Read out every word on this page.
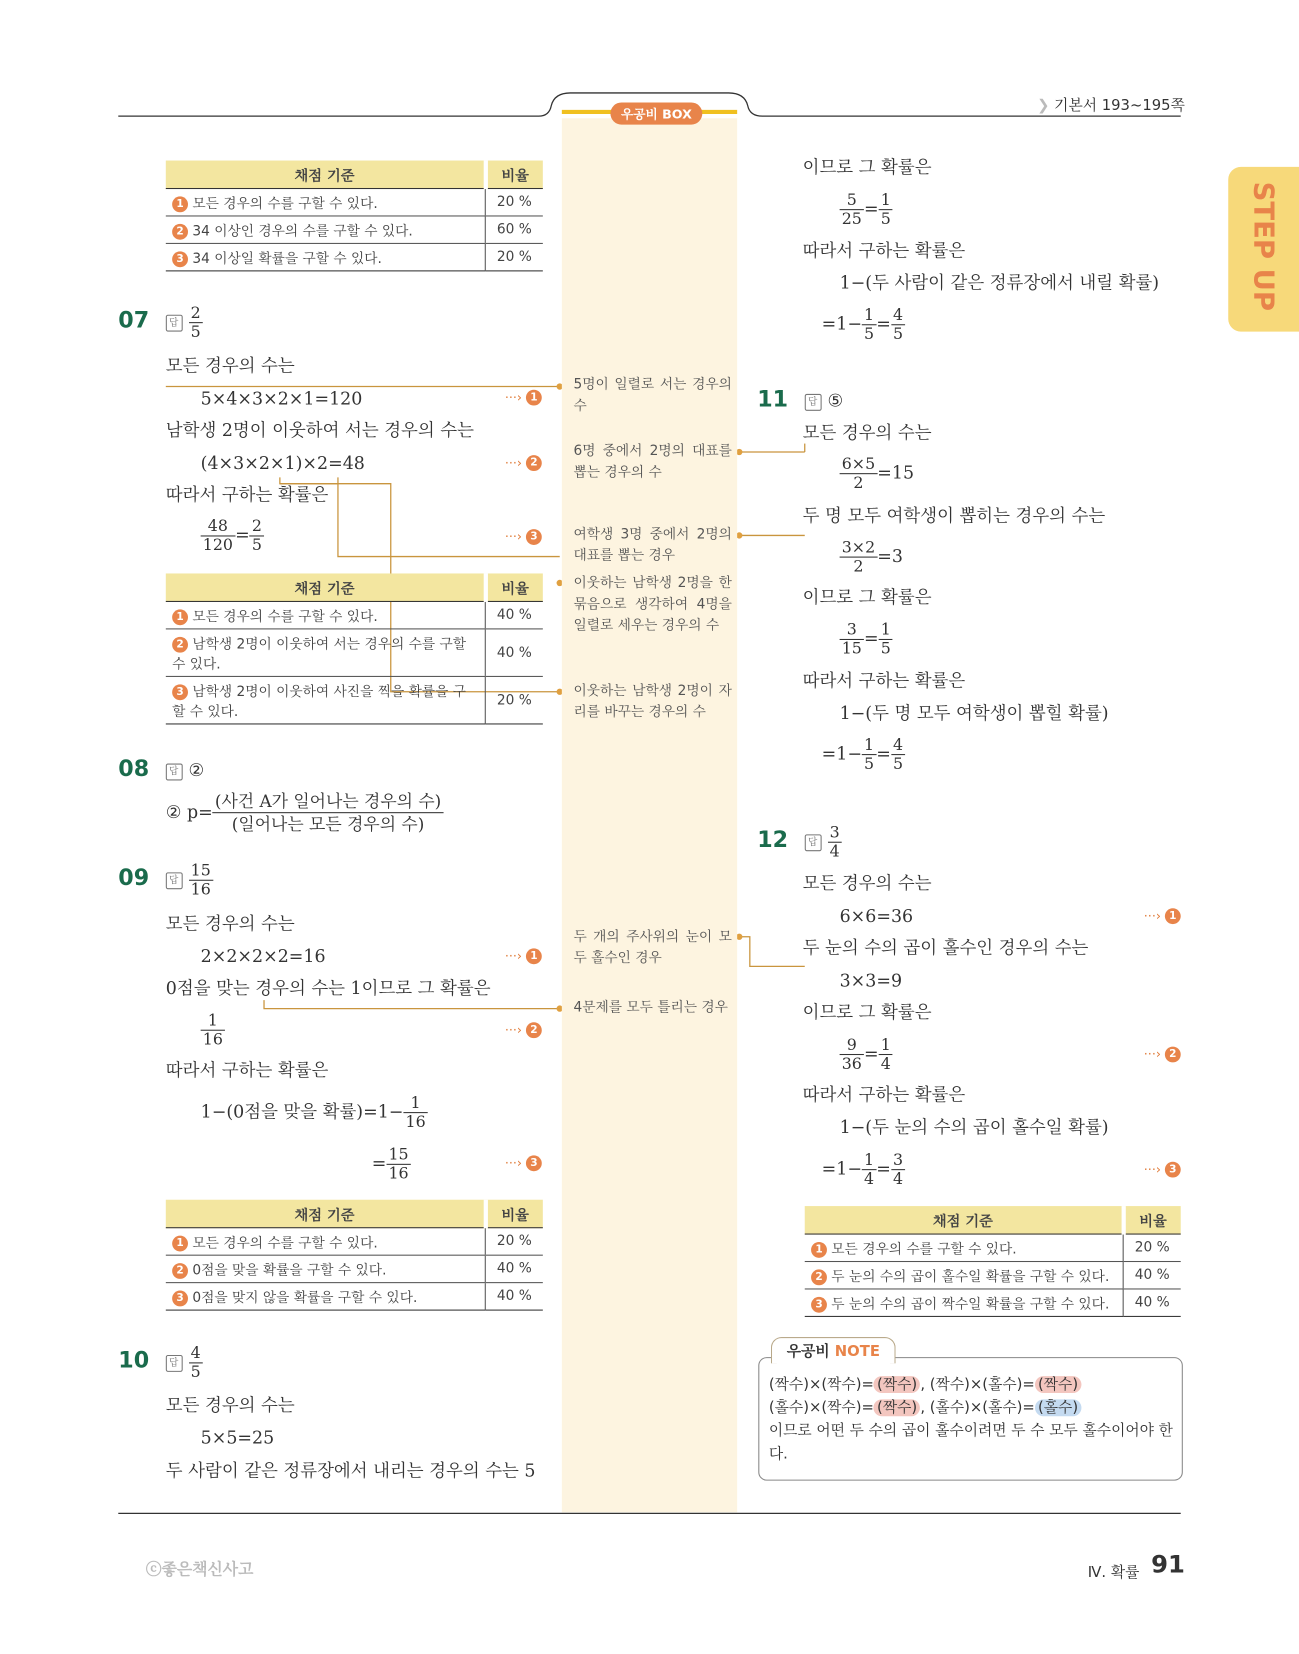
우공비 BOX	❯ 기본서 193~195쪽
STEP UP
채점 기준	비율
1 모든 경우의 수를 구할 수 있다.	20 %
2 34 이상인 경우의 수를 구할 수 있다.	60 %
3 34 이상일 확률을 구할 수 있다.	20 %
07 답 $\frac{2}{5}$
모든 경우의 수는
5×4×3×2×1=120	···› 1
남학생 2명이 이웃하여 서는 경우의 수는
(4×3×2×1)×2=48	···› 2
따라서 구하는 확률은
$\frac{48}{120} = \frac{2}{5}$	···› 3
채점 기준	비율
1 모든 경우의 수를 구할 수 있다.	40 %
2 남학생 2명이 이웃하여 서는 경우의 수를 구할 수 있다.	40 %
3 남학생 2명이 이웃하여 사진을 찍을 확률을 구할 수 있다.	20 %
08 답 ②
② p=
(사건 A가 일어나는 경우의 수)
(일어나는 모든 경우의 수)
09 답 $\frac{15}{16}$
모든 경우의 수는
2×2×2×2=16	···› 1
0점을 맞는 경우의 수는 1이므로 그 확률은
$\frac{1}{16}$	···› 2
따라서 구하는 확률은
1−(0점을 맞을 확률)$=1- \frac{1}{16}$
= $\frac{15}{16}$	···› 3
채점 기준	비율
1 모든 경우의 수를 구할 수 있다.	20 %
2 0점을 맞을 확률을 구할 수 있다.	40 %
3 0점을 맞지 않을 확률을 구할 수 있다.	40 %
10 답 $\frac{4}{5}$
모든 경우의 수는
5×5=25
두 사람이 같은 정류장에서 내리는 경우의 수는 5
이므로 그 확률은
$\frac{5}{25} = \frac{1}{5}$
따라서 구하는 확률은
1−(두 사람이 같은 정류장에서 내릴 확률)
$=1- \frac{1}{5} = \frac{4}{5}$
11 답 ⑤
모든 경우의 수는
$\frac{6\times 5}{2} =15$
두 명 모두 여학생이 뽑히는 경우의 수는
$\frac{3\times 2}{2} =3$
이므로 그 확률은
$\frac{3}{15} = \frac{1}{5}$
따라서 구하는 확률은
1−(두 명 모두 여학생이 뽑힐 확률)
$=1- \frac{1}{5} = \frac{4}{5}$
12 답 $\frac{3}{4}$
모든 경우의 수는
6×6=36	···› 1
두 눈의 수의 곱이 홀수인 경우의 수는
3×3=9
이므로 그 확률은
$\frac{9}{36} = \frac{1}{4}$	···› 2
따라서 구하는 확률은
1−(두 눈의 수의 곱이 홀수일 확률)
$=1- \frac{1}{4} = \frac{3}{4}$	···› 3
채점 기준	비율
1 모든 경우의 수를 구할 수 있다.	20 %
2 두 눈의 수의 곱이 홀수일 확률을 구할 수 있다.	40 %
3 두 눈의 수의 곱이 짝수일 확률을 구할 수 있다.	40 %
5명이 일렬로 서는 경우의 수
6명 중에서 2명의 대표를 뽑는 경우의 수
여학생 3명 중에서 2명의 대표를 뽑는 경우
이웃하는 남학생 2명을 한 묶음으로 생각하여 4명을 일렬로 세우는 경우의 수
이웃하는 남학생 2명이 자리를 바꾸는 경우의 수
두 개의 주사위의 눈이 모두 홀수인 경우
4문제를 모두 틀리는 경우
우공비 NOTE
(짝수)×(짝수)= (짝수) , (짝수)×(홀수)= (짝수)
(홀수)×(짝수)= (짝수) , (홀수)×(홀수)= (홀수)
이므로 어떤 두 수의 곱이 홀수이려면 두 수 모두 홀수이어야 한다.
ⓒ좋은책신사고	Ⅳ. 확률 91
